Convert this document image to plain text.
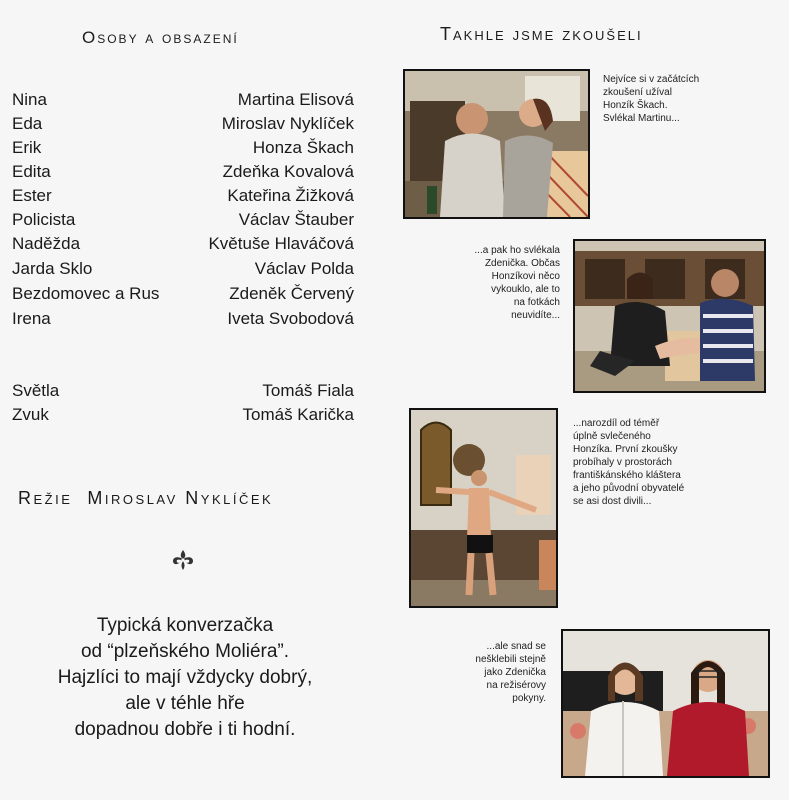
Osoby a obsazení	Takhle jsme zkoušeli
Nina	Martina Elisová
Eda	Miroslav Nyklíček
Erik	Honza Škach
Edita	Zdeňka Kovalová
Ester	Kateřina Žižková
Policista	Václav Štauber
Naděžda	Květuše Hlaváčová
Jarda Sklo	Václav Polda
Bezdomovec a Rus	Zdeněk Červený
Irena	Iveta Svobodová
Světla	Tomáš Fiala
Zvuk	Tomáš Karička
Režie Miroslav Nyklíček
Typická konverzačka
od “plzeňského Moliéra”.
Hajzlíci to mají vždycky dobrý,
ale v téhle hře
dopadnou dobře i ti hodní.
Nejvíce si v začátcích
zkoušení užíval
Honzík Škach.
Svlékal Martinu...
...a pak ho svlékala
Zdenička. Občas
Honzíkovi něco
vykouklo, ale to
na fotkách
neuvidíte...
...narozdíl od téměř
úplně svlečeného
Honzíka. První zkoušky
probíhaly v prostorách
františkánského kláštera
a jeho původní obyvatelé
se asi dost divili...
...ale snad se
nešklebili stejně
jako Zdenička
na režisérovy
pokyny.
